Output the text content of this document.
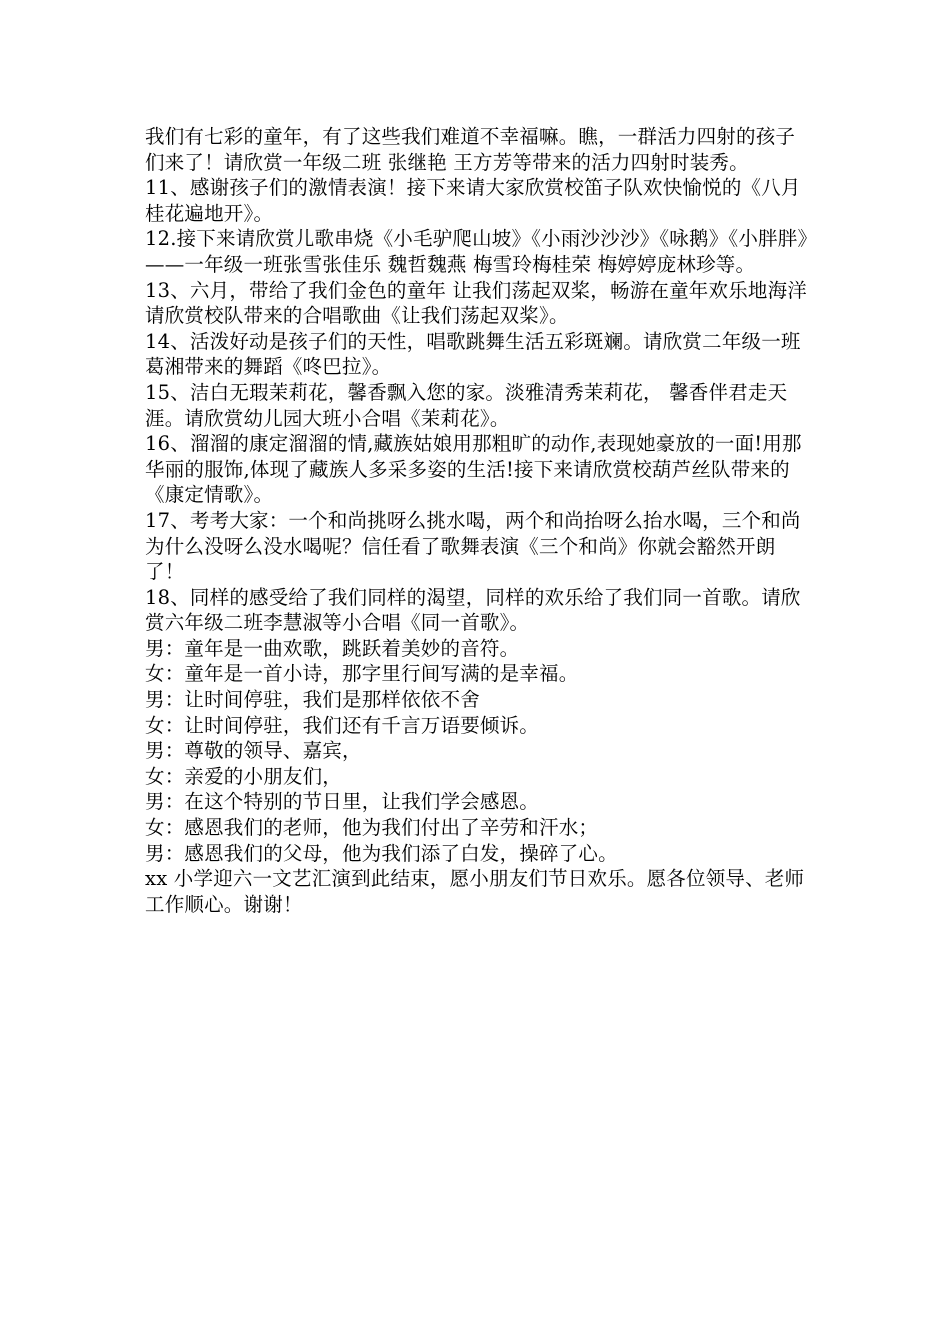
我们有七彩的童年，有了这些我们难道不幸福嘛。瞧，一群活力四射的孩子们来了！请欣赏一年级二班 张继艳 王方芳等带来的活力四射时装秀。

11、感谢孩子们的激情表演！接下来请大家欣赏校笛子队欢快愉悦的《八月桂花遍地开》。

12.接下来请欣赏儿歌串烧《小毛驴爬山坡》《小雨沙沙沙》《咏鹅》《小胖胖》——一年级一班张雪张佳乐 魏哲魏燕 梅雪玲梅桂荣 梅婷婷庞林珍等。

13、六月，带给了我们金色的童年 让我们荡起双桨，畅游在童年欢乐地海洋请欣赏校队带来的合唱歌曲《让我们荡起双桨》。

14、活泼好动是孩子们的天性，唱歌跳舞生活五彩斑斓。请欣赏二年级一班葛湘带来的舞蹈《咚巴拉》。

15、洁白无瑕茉莉花，馨香飘入您的家。淡雅清秀茉莉花， 馨香伴君走天涯。请欣赏幼儿园大班小合唱《茉莉花》。

16、溜溜的康定溜溜的情,藏族姑娘用那粗旷的动作,表现她豪放的一面!用那华丽的服饰,体现了藏族人多采多姿的生活!接下来请欣赏校葫芦丝队带来的《康定情歌》。

17、考考大家：一个和尚挑呀么挑水喝，两个和尚抬呀么抬水喝，三个和尚为什么没呀么没水喝呢？信任看了歌舞表演《三个和尚》你就会豁然开朗了！

18、同样的感受给了我们同样的渴望，同样的欢乐给了我们同一首歌。请欣赏六年级二班李慧淑等小合唱《同一首歌》。

男：童年是一曲欢歌，跳跃着美妙的音符。

女：童年是一首小诗，那字里行间写满的是幸福。

男：让时间停驻，我们是那样依依不舍

女：让时间停驻，我们还有千言万语要倾诉。

男：尊敬的领导、嘉宾，

女：亲爱的小朋友们，

男：在这个特别的节日里，让我们学会感恩。

女：感恩我们的老师，他为我们付出了辛劳和汗水；

男：感恩我们的父母，他为我们添了白发，操碎了心。

xx 小学迎六一文艺汇演到此结束，愿小朋友们节日欢乐。愿各位领导、老师工作顺心。谢谢！
